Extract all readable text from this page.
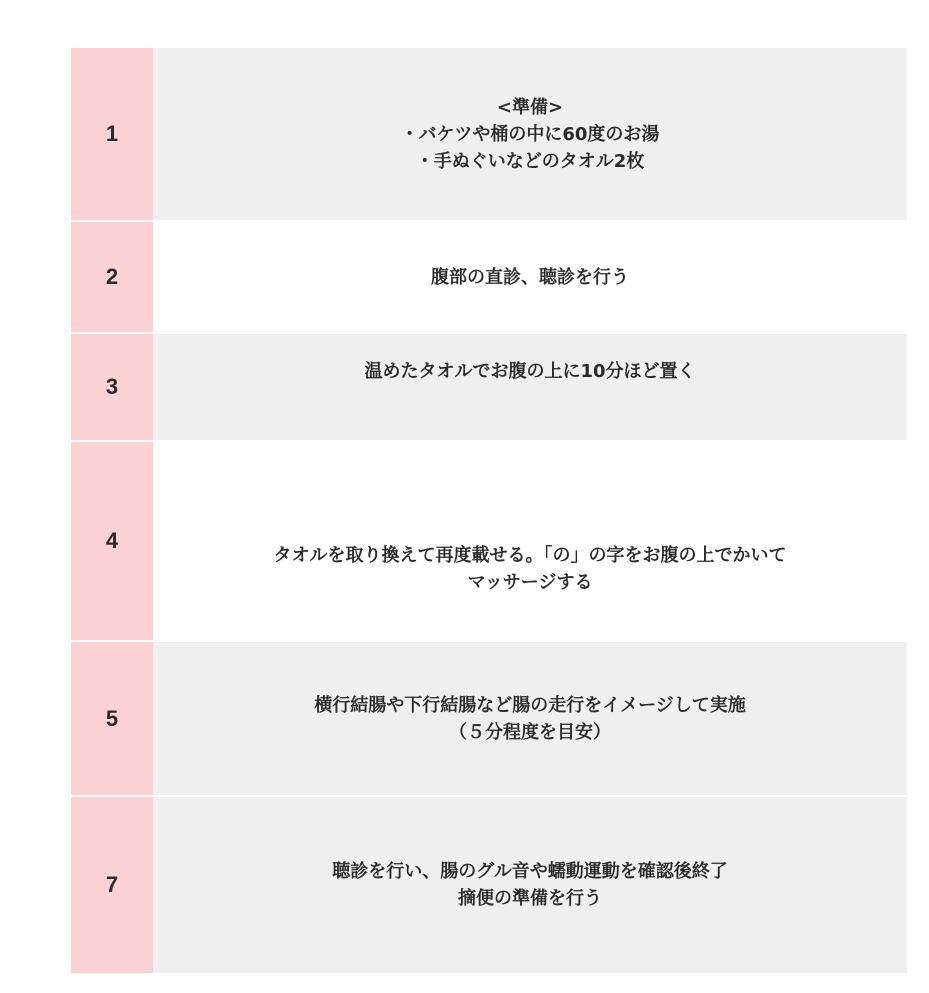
1
<準備>
・バケツや桶の中に60度のお湯
・手ぬぐいなどのタオル2枚
2	腹部の直診、聴診を行う
3
温めたタオルでお腹の上に10分ほど置く
4
タオルを取り換えて再度載せる。「の」の字をお腹の上でかいて
マッサージする
5
横行結腸や下行結腸など腸の走行をイメージして実施
（５分程度を目安）
7
聴診を行い、腸のグル音や蠕動運動を確認後終了
摘便の準備を行う
